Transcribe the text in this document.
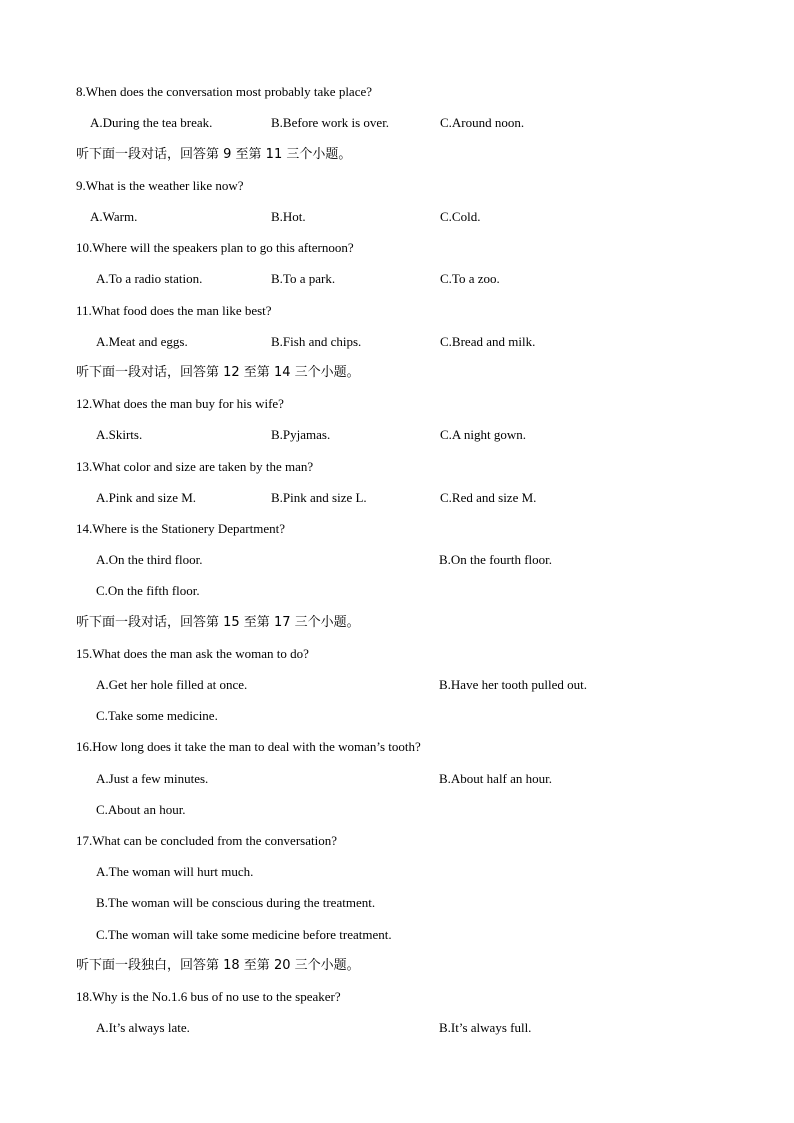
8.When does the conversation most probably take place?
A.During the tea break.	B.Before work is over.	C.Around noon.
听下面一段对话，回答第 9 至第 11 三个小题。
9.What is the weather like now?
A.Warm.	B.Hot.	C.Cold.
10.Where will the speakers plan to go this afternoon?
A.To a radio station.	B.To a park.	C.To a zoo.
11.What food does the man like best?
A.Meat and eggs.	B.Fish and chips.	C.Bread and milk.
听下面一段对话，回答第 12 至第 14 三个小题。
12.What does the man buy for his wife?
A.Skirts.	B.Pyjamas.	C.A night gown.
13.What color and size are taken by the man?
A.Pink and size M.	B.Pink and size L.	C.Red and size M.
14.Where is the Stationery Department?
A.On the third floor.	B.On the fourth floor.
C.On the fifth floor.
听下面一段对话，回答第 15 至第 17 三个小题。
15.What does the man ask the woman to do?
A.Get her hole filled at once.	B.Have her tooth pulled out.
C.Take some medicine.
16.How long does it take the man to deal with the woman’s tooth?
A.Just a few minutes.	B.About half an hour.
C.About an hour.
17.What can be concluded from the conversation?
A.The woman will hurt much.
B.The woman will be conscious during the treatment.
C.The woman will take some medicine before treatment.
听下面一段独白，回答第 18 至第 20 三个小题。
18.Why is the No.1.6 bus of no use to the speaker?
A.It’s always late.	B.It’s always full.
